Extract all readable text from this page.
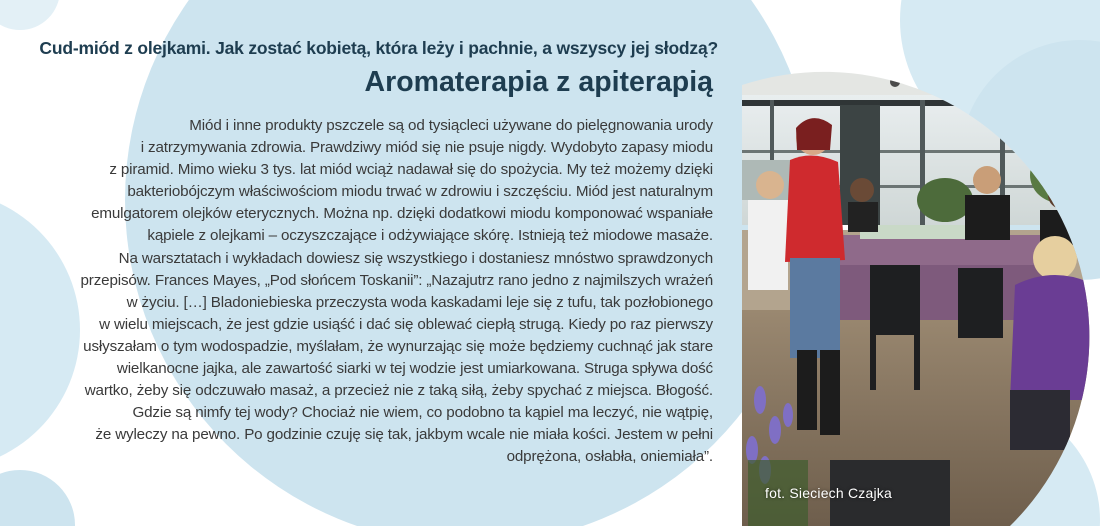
Cud-miód z olejkami. Jak zostać kobietą, która leży i pachnie, a wszyscy jej słodzą?
Aromaterapia z apiterapią

Miód i inne produkty pszczele są od tysiącleci używane do pielęgnowania urody
i zatrzymywania zdrowia. Prawdziwy miód się nie psuje nigdy. Wydobyto zapasy miodu
z piramid. Mimo wieku 3 tys. lat miód wciąż nadawał się do spożycia. My też możemy dzięki
bakteriobójczym właściwościom miodu trwać w zdrowiu i szczęściu. Miód jest naturalnym
emulgatorem olejków eterycznych. Można np. dzięki dodatkowi miodu komponować wspaniałe
kąpiele z olejkami – oczyszczające i odżywiające skórę. Istnieją też miodowe masaże.
Na warsztatach i wykładach dowiesz się wszystkiego i dostaniesz mnóstwo sprawdzonych
przepisów. Frances Mayes, „Pod słońcem Toskanii”: „Nazajutrz rano jedno z najmilszych wrażeń
w życiu. […] Bladoniebieska przeczysta woda kaskadami leje się z tufu, tak pozłobionego
w wielu miejscach, że jest gdzie usiąść i dać się oblewać ciepłą strugą. Kiedy po raz pierwszy
usłyszałam o tym wodospadzie, myślałam, że wynurzając się może będziemy cuchnąć jak stare
wielkanocne jajka, ale zawartość siarki w tej wodzie jest umiarkowana. Struga spływa dość
wartko, żeby się odczuwało masaż, a przecież nie z taką siłą, żeby spychać z miejsca. Błogość.
Gdzie są nimfy tej wody? Chociaż nie wiem, co podobno ta kąpiel ma leczyć, nie wątpię,
że wyleczy na pewno. Po godzinie czuję się tak, jakbym wcale nie miała kości. Jestem w pełni
odprężona, osłabła, oniemiała”.

fot. Sieciech Czajka
